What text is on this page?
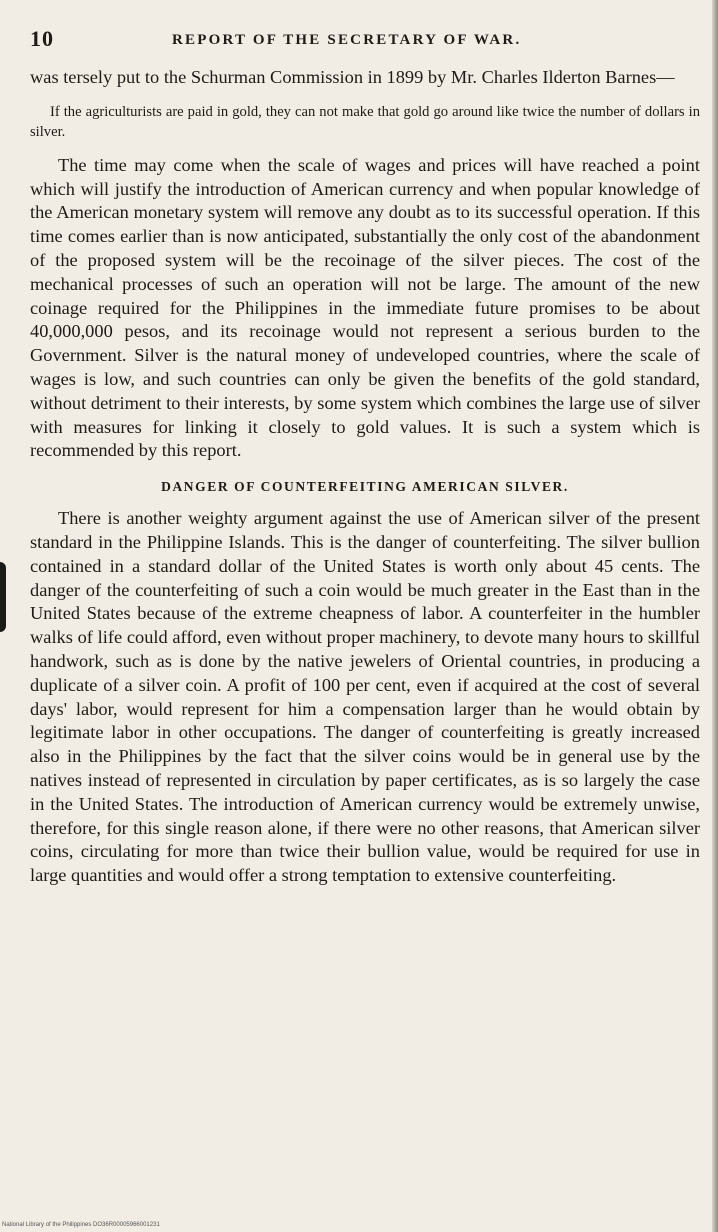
10	REPORT OF THE SECRETARY OF WAR.

was tersely put to the Schurman Commission in 1899 by Mr. Charles Ilderton Barnes—

If the agriculturists are paid in gold, they can not make that gold go around like twice the number of dollars in silver.

The time may come when the scale of wages and prices will have reached a point which will justify the introduction of American currency and when popular knowledge of the American monetary system will remove any doubt as to its successful operation. If this time comes earlier than is now anticipated, substantially the only cost of the abandonment of the proposed system will be the recoinage of the silver pieces. The cost of the mechanical processes of such an operation will not be large. The amount of the new coinage required for the Philippines in the immediate future promises to be about 40,000,000 pesos, and its recoinage would not represent a serious burden to the Government. Silver is the natural money of undeveloped countries, where the scale of wages is low, and such countries can only be given the benefits of the gold standard, without detriment to their interests, by some system which combines the large use of silver with measures for linking it closely to gold values. It is such a system which is recommended by this report.

DANGER OF COUNTERFEITING AMERICAN SILVER.

There is another weighty argument against the use of American silver of the present standard in the Philippine Islands. This is the danger of counterfeiting. The silver bullion contained in a standard dollar of the United States is worth only about 45 cents. The danger of the counterfeiting of such a coin would be much greater in the East than in the United States because of the extreme cheapness of labor. A counterfeiter in the humbler walks of life could afford, even without proper machinery, to devote many hours to skillful handwork, such as is done by the native jewelers of Oriental countries, in producing a duplicate of a silver coin. A profit of 100 per cent, even if acquired at the cost of several days' labor, would represent for him a compensation larger than he would obtain by legitimate labor in other occupations. The danger of counterfeiting is greatly increased also in the Philippines by the fact that the silver coins would be in general use by the natives instead of represented in circulation by paper certificates, as is so largely the case in the United States. The introduction of American currency would be extremely unwise, therefore, for this single reason alone, if there were no other reasons, that American silver coins, circulating for more than twice their bullion value, would be required for use in large quantities and would offer a strong temptation to extensive counterfeiting.

National Library of the Philippines DO36R00005966001231
